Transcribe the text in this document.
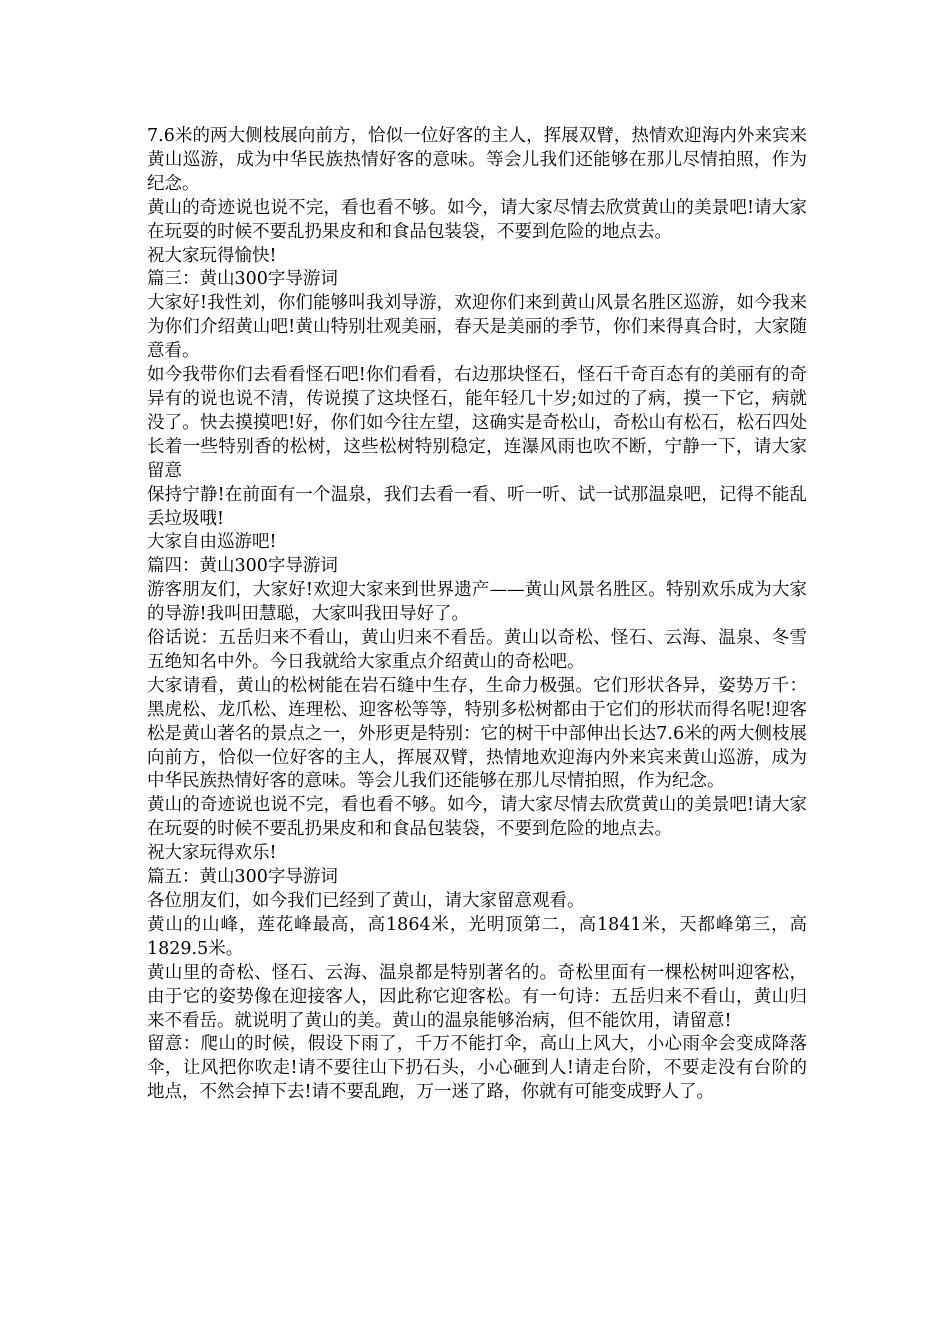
7.6米的两大侧枝展向前方，恰似一位好客的主人，挥展双臂，热情欢迎海内外来宾来黄山巡游，成为中华民族热情好客的意味。等会儿我们还能够在那儿尽情拍照，作为纪念。

黄山的奇迹说也说不完，看也看不够。如今，请大家尽情去欣赏黄山的美景吧!请大家在玩耍的时候不要乱扔果皮和和食品包装袋，不要到危险的地点去。

祝大家玩得愉快!

篇三：黄山300字导游词

大家好!我性刘，你们能够叫我刘导游，欢迎你们来到黄山风景名胜区巡游，如今我来为你们介绍黄山吧!黄山特别壮观美丽，春天是美丽的季节，你们来得真合时，大家随意看。

如今我带你们去看看怪石吧!你们看看，右边那块怪石，怪石千奇百态有的美丽有的奇异有的说也说不清，传说摸了这块怪石，能年轻几十岁;如过的了病，摸一下它，病就没了。快去摸摸吧!好，你们如今往左望，这确实是奇松山，奇松山有松石，松石四处长着一些特别香的松树，这些松树特别稳定，连瀑风雨也吹不断，宁静一下，请大家留意

保持宁静!在前面有一个温泉，我们去看一看、听一听、试一试那温泉吧，记得不能乱丢垃圾哦!

大家自由巡游吧!

篇四：黄山300字导游词

游客朋友们，大家好!欢迎大家来到世界遗产——黄山风景名胜区。特别欢乐成为大家的导游!我叫田慧聪，大家叫我田导好了。

俗话说：五岳归来不看山，黄山归来不看岳。黄山以奇松、怪石、云海、温泉、冬雪五绝知名中外。今日我就给大家重点介绍黄山的奇松吧。

大家请看，黄山的松树能在岩石缝中生存，生命力极强。它们形状各异，姿势万千：黑虎松、龙爪松、连理松、迎客松等等，特别多松树都由于它们的形状而得名呢!迎客松是黄山著名的景点之一，外形更是特别：它的树干中部伸出长达7.6米的两大侧枝展向前方，恰似一位好客的主人，挥展双臂，热情地欢迎海内外来宾来黄山巡游，成为中华民族热情好客的意味。等会儿我们还能够在那儿尽情拍照，作为纪念。

黄山的奇迹说也说不完，看也看不够。如今，请大家尽情去欣赏黄山的美景吧!请大家在玩耍的时候不要乱扔果皮和和食品包装袋，不要到危险的地点去。

祝大家玩得欢乐!

篇五：黄山300字导游词

各位朋友们，如今我们已经到了黄山，请大家留意观看。

黄山的山峰，莲花峰最高，高1864米，光明顶第二，高1841米，天都峰第三，高1829.5米。

黄山里的奇松、怪石、云海、温泉都是特别著名的。奇松里面有一棵松树叫迎客松，由于它的姿势像在迎接客人，因此称它迎客松。有一句诗：五岳归来不看山，黄山归来不看岳。就说明了黄山的美。黄山的温泉能够治病，但不能饮用，请留意!

留意：爬山的时候，假设下雨了，千万不能打伞，高山上风大，小心雨伞会变成降落伞，让风把你吹走!请不要往山下扔石头，小心砸到人!请走台阶，不要走没有台阶的地点，不然会掉下去!请不要乱跑，万一迷了路，你就有可能变成野人了。
